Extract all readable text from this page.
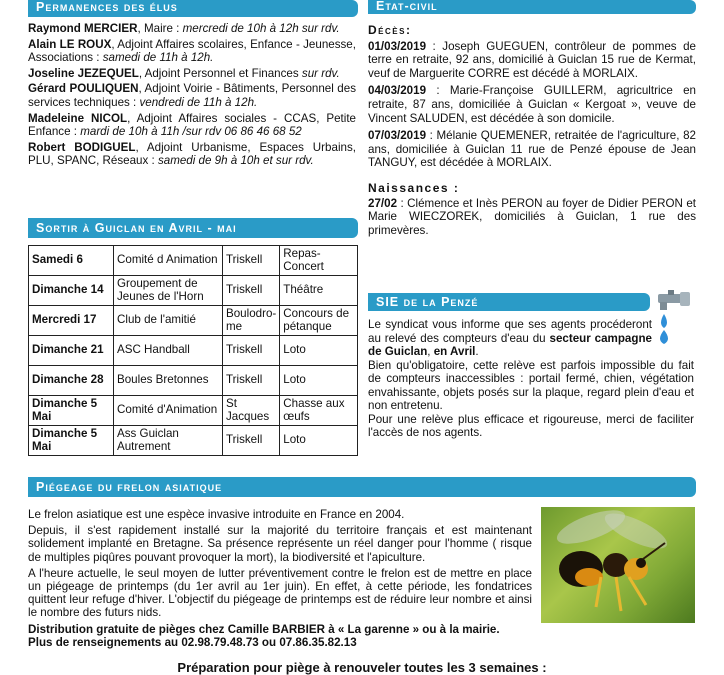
Permanences des élus

Raymond MERCIER, Maire : mercredi de 10h à 12h sur rdv.

Alain LE ROUX, Adjoint Affaires scolaires, Enfance - Jeunesse, Associations : samedi de 11h à 12h.

Joseline JEZEQUEL, Adjoint Personnel et Finances sur rdv.

Gérard POULIQUEN, Adjoint Voirie - Bâtiments, Personnel des services techniques : vendredi de 11h à 12h.

Madeleine NICOL, Adjoint Affaires sociales - CCAS, Petite Enfance : mardi de 10h à 11h /sur rdv 06 86 46 68 52

Robert BODIGUEL, Adjoint Urbanisme, Espaces Urbains, PLU, SPANC, Réseaux : samedi de 9h à 10h et sur rdv.

Sortir à Guiclan en Avril - mai
Samedi 6	Comité d Animation	Triskell	Repas-Concert
Dimanche 14	Groupement de Jeunes de l'Horn	Triskell	Théâtre
Mercredi 17	Club de l'amitié	Boulodro-me	Concours de pétanque
Dimanche 21	ASC Handball	Triskell	Loto
Dimanche 28	Boules Bretonnes	Triskell	Loto
Dimanche 5 Mai	Comité d'Animation	St Jacques	Chasse aux œufs
Dimanche 5 Mai	Ass Guiclan Autrement	Triskell	Loto
Etat-civil

Décès:

01/03/2019 : Joseph GUEGUEN, contrôleur de pommes de terre en retraite, 92 ans, domicilié à Guiclan 15 rue de Kermat, veuf de Marguerite CORRE est décédé à MORLAIX.

04/03/2019 : Marie-Françoise GUILLERM, agricultrice en retraite, 87 ans, domiciliée à Guiclan « Kergoat », veuve de Vincent SALUDEN, est décédée à son domicile.

07/03/2019 : Mélanie QUEMENER, retraitée de l'agriculture, 82 ans, domiciliée à Guiclan 11 rue de Penzé épouse de Jean TANGUY, est décédée à MORLAIX.

Naissances :

27/02 : Clémence et Inès PERON au foyer de Didier PERON et Marie WIECZOREK, domiciliés à Guiclan, 1 rue des primevères.

SIE de la Penzé

Le syndicat vous informe que ses agents procéderont au relevé des compteurs d'eau du secteur campagne de Guiclan, en Avril.

Bien qu'obligatoire, cette relève est parfois impossible du fait de compteurs inaccessibles : portail fermé, chien, végétation envahissante, objets posés sur la plaque, regard plein d'eau et non entretenu.

Pour une relève plus efficace et rigoureuse, merci de faciliter l'accès de nos agents.

Piégeage du frelon asiatique

Le frelon asiatique est une espèce invasive introduite en France en 2004.

Depuis, il s'est rapidement installé sur la majorité du territoire français et est maintenant solidement implanté en Bretagne. Sa présence représente un réel danger pour l'homme ( risque de multiples piqûres pouvant provoquer la mort), la biodiversité et l'apiculture.

A l'heure actuelle, le seul moyen de lutter préventivement contre le frelon est de mettre en place un piégeage de printemps (du 1er avril au 1er juin). En effet, à cette période, les fondatrices quittent leur refuge d'hiver. L'objectif du piégeage de printemps est de réduire leur nombre et ainsi le nombre des futurs nids.

Distribution gratuite de pièges chez Camille BARBIER à « La garenne » ou à la mairie.

Plus de renseignements au 02.98.79.48.73 ou 07.86.35.82.13

Préparation pour piège à renouveler toutes les 3 semaines :
